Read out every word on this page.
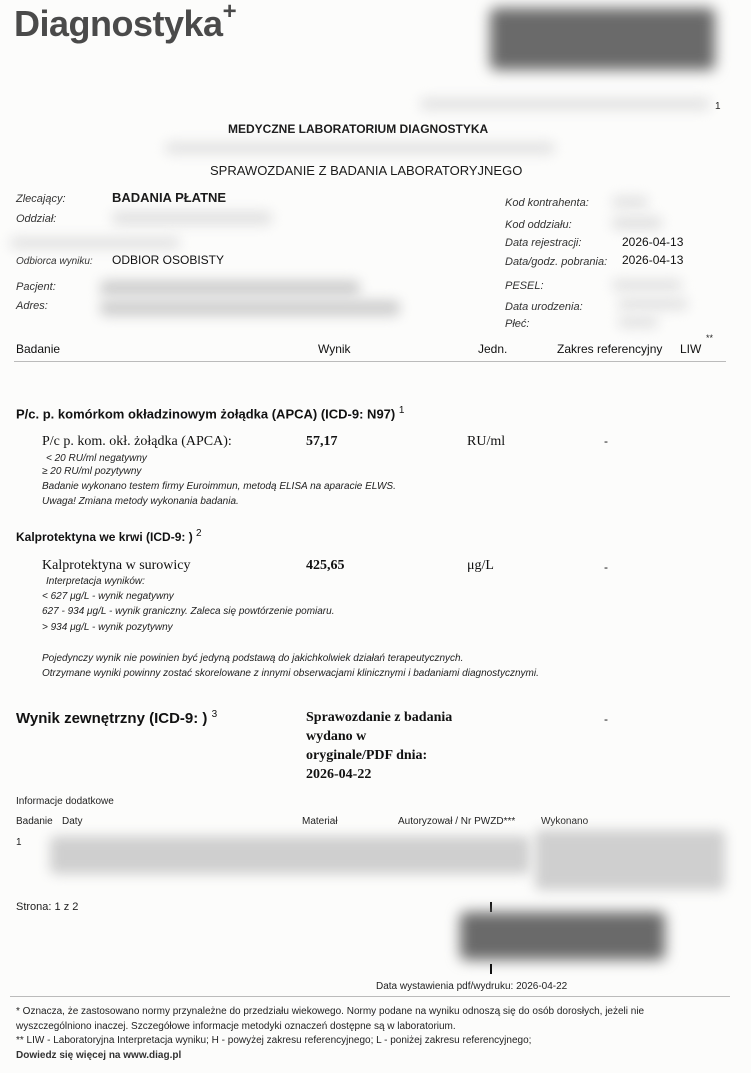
Diagnostyka+
1
MEDYCZNE LABORATORIUM DIAGNOSTYKA
SPRAWOZDANIE Z BADANIA LABORATORYJNEGO
Zlecający:	BADANIA PŁATNE
Oddział:
Odbiorca wyniku: ODBIOR OSOBISTY
Kod kontrahenta:
Kod oddziału:
Data rejestracji:	2026-04-13
Data/godz. pobrania: 2026-04-13
Pacjent:
Adres:
PESEL:
Data urodzenia:
Płeć:
Badanie	Wynik	Jedn.	Zakres referencyjny LIW
**
P/c. p. komórkom okładzinowym żołądka (APCA) (ICD-9: N97) $^1$
P/c p. kom. okł. żołądka (APCA):	57,17	RU/ml	-
< 20 RU/ml negatywny
≥ 20 RU/ml pozytywny
Badanie wykonano testem firmy Euroimmun, metodą ELISA na aparacie ELWS.
Uwaga! Zmiana metody wykonania badania.
Kalprotektyna we krwi (ICD-9: ) $^2$
Kalprotektyna w surowicy	425,65	μg/L	-
Interpretacja wyników:
< 627 μg/L - wynik negatywny
627 - 934 μg/L - wynik graniczny. Zaleca się powtórzenie pomiaru.
> 934 μg/L - wynik pozytywny
Pojedynczy wynik nie powinien być jedyną podstawą do jakichkolwiek działań terapeutycznych.
Otrzymane wyniki powinny zostać skorelowane z innymi obserwacjami klinicznymi i badaniami diagnostycznymi.
Wynik zewnętrzny (ICD-9: ) $^3$	Sprawozdanie z badania
wydano w
oryginale/PDF dnia:
2026-04-22
-
Informacje dodatkowe
Badanie Daty	Materiał	Autoryzował / Nr PWZD***	Wykonano
1
Strona: 1 z 2
Data wystawienia pdf/wydruku: 2026-04-22
* Oznacza, że zastosowano normy przynależne do przedziału wiekowego. Normy podane na wyniku odnoszą się do osób dorosłych, jeżeli nie
wyszczególniono inaczej. Szczegółowe informacje metodyki oznaczeń dostępne są w laboratorium.
** LIW - Laboratoryjna Interpretacja wyniku; H - powyżej zakresu referencyjnego; L - poniżej zakresu referencyjnego;
Dowiedz się więcej na www.diag.pl
